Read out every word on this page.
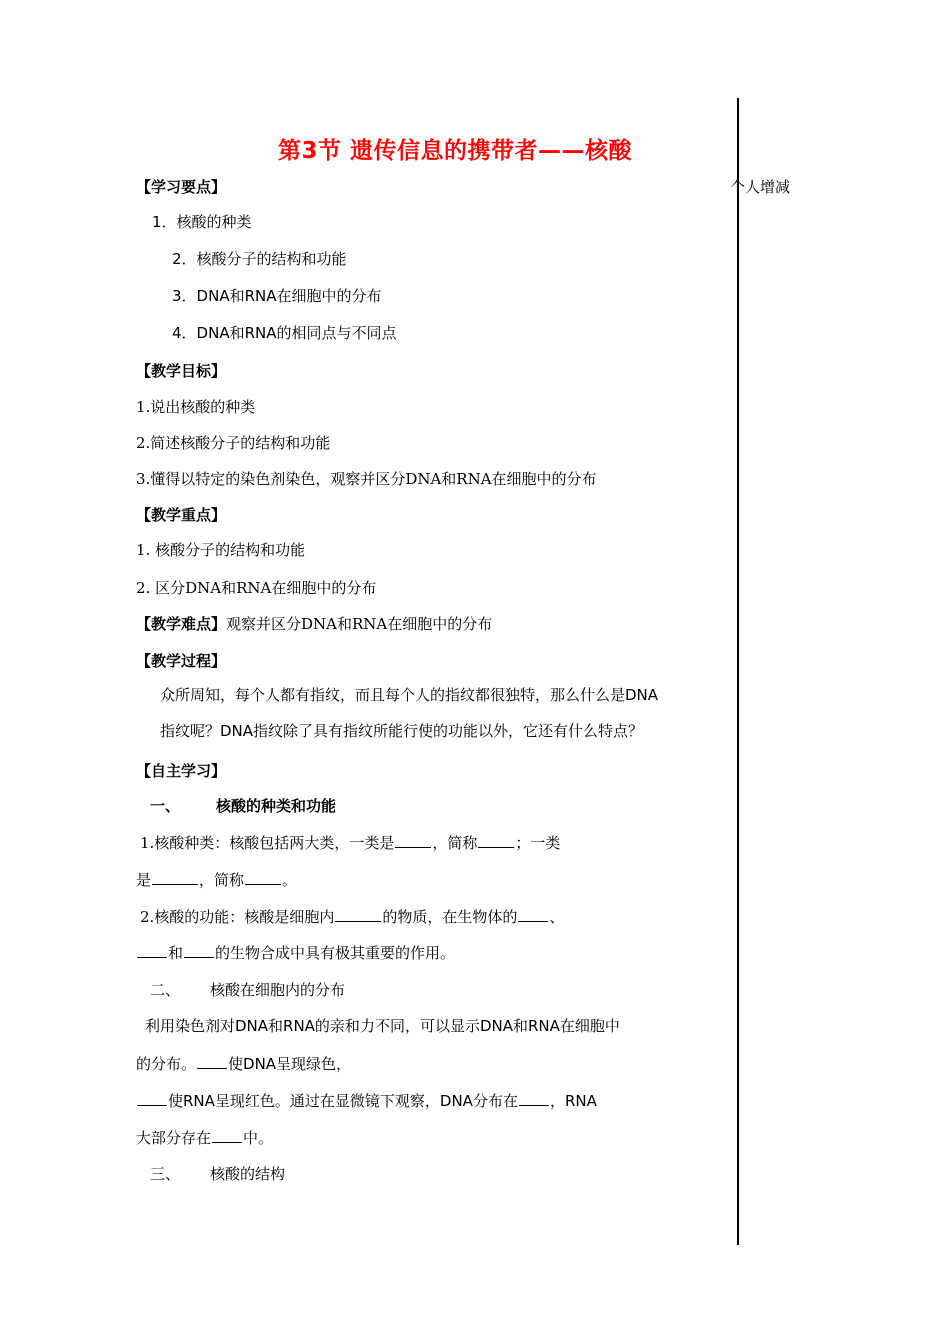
个人增减
第3节 遗传信息的携带者——核酸
【学习要点】
1．核酸的种类
2．核酸分子的结构和功能
3．DNA和RNA在细胞中的分布
4．DNA和RNA的相同点与不同点
【教学目标】
1.说出核酸的种类
2.简述核酸分子的结构和功能
3.懂得以特定的染色剂染色，观察并区分DNA和RNA在细胞中的分布
【教学重点】
1. 核酸分子的结构和功能
2. 区分DNA和RNA在细胞中的分布
【教学难点】观察并区分DNA和RNA在细胞中的分布
【教学过程】
众所周知，每个人都有指纹，而且每个人的指纹都很独特，那么什么是DNA
指纹呢？DNA指纹除了具有指纹所能行使的功能以外，它还有什么特点？
【自主学习】
一、 核酸的种类和功能
1.核酸种类：核酸包括两大类，一类是	，简称	；一类
是	，简称	。
2.核酸的功能：核酸是细胞内	的物质，在生物体的 、
和 的生物合成中具有极其重要的作用。
二、 核酸在细胞内的分布
利用染色剂对DNA和RNA的亲和力不同，可以显示DNA和RNA在细胞中
的分布。 使DNA呈现绿色，
使RNA呈现红色。通过在显微镜下观察，DNA分布在 ，RNA
大部分存在 中。
三、 核酸的结构
